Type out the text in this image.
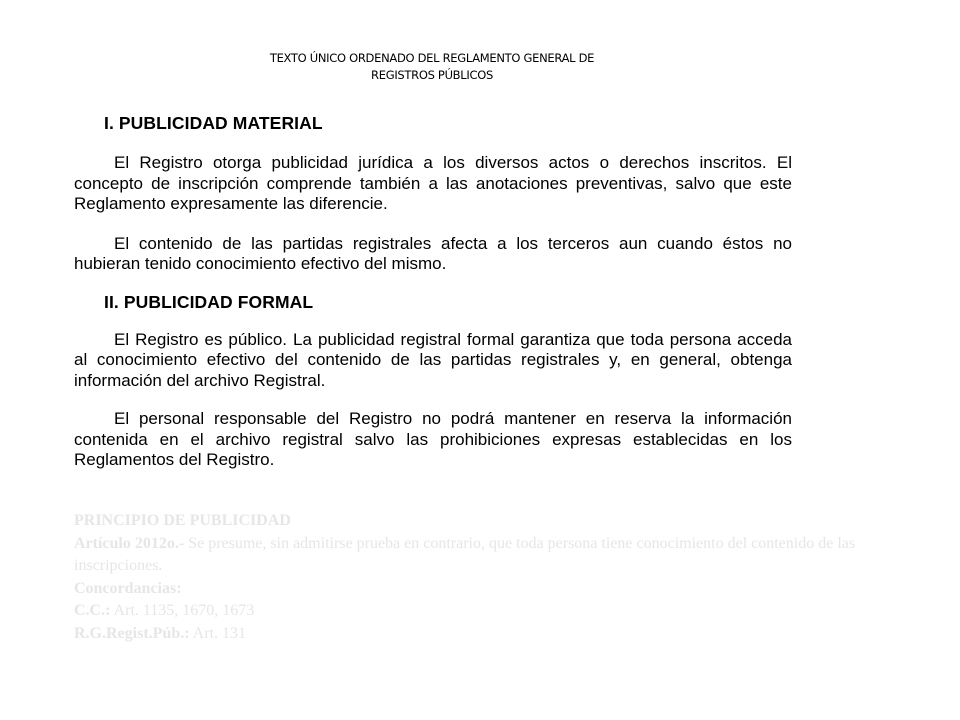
TEXTO ÚNICO ORDENADO DEL REGLAMENTO GENERAL DE
REGISTROS PÚBLICOS
I. PUBLICIDAD MATERIAL

El Registro otorga publicidad jurídica a los diversos actos o derechos inscritos. El concepto de inscripción comprende también a las anotaciones preventivas, salvo que este Reglamento expresamente las diferencie.

El contenido de las partidas registrales afecta a los terceros aun cuando éstos no hubieran tenido conocimiento efectivo del mismo.

II. PUBLICIDAD FORMAL

El Registro es público. La publicidad registral formal garantiza que toda persona acceda al conocimiento efectivo del contenido de las partidas registrales y, en general, obtenga información del archivo Registral.

El personal responsable del Registro no podrá mantener en reserva la información contenida en el archivo registral salvo las prohibiciones expresas establecidas en los Reglamentos del Registro.

PRINCIPIO DE PUBLICIDAD
Artículo 2012o.- Se presume, sin admitirse prueba en contrario, que toda persona tiene conocimiento del contenido de las inscripciones.
Concordancias:
C.C.: Art. 1135, 1670, 1673
R.G.Regist.Púb.: Art. 131
